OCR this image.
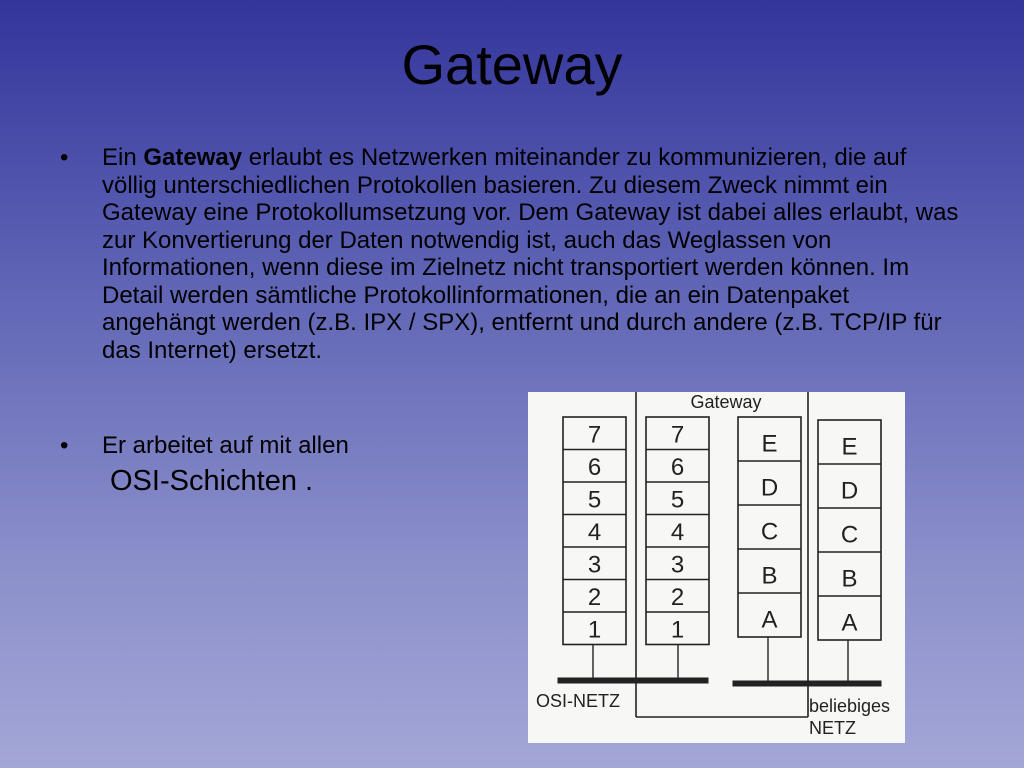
Gateway
• Ein Gateway erlaubt es Netzwerken miteinander zu kommunizieren, die auf völlig unterschiedlichen Protokollen basieren. Zu diesem Zweck nimmt ein Gateway eine Protokollumsetzung vor. Dem Gateway ist dabei alles erlaubt, was zur Konvertierung der Daten notwendig ist, auch das Weglassen von Informationen, wenn diese im Zielnetz nicht transportiert werden können. Im Detail werden sämtliche Protokollinformationen, die an ein Datenpaket angehängt werden (z.B. IPX / SPX), entfernt und durch andere (z.B. TCP/IP für das Internet) ersetzt.
• Er arbeitet auf mit allen
OSI-Schichten .
Gateway
7
6
5
4
3
2
1
7
6
5
4
3
2
1
E
D
C
B
A
E
D
C
B
A
OSI-NETZ	beliebiges
NETZ
